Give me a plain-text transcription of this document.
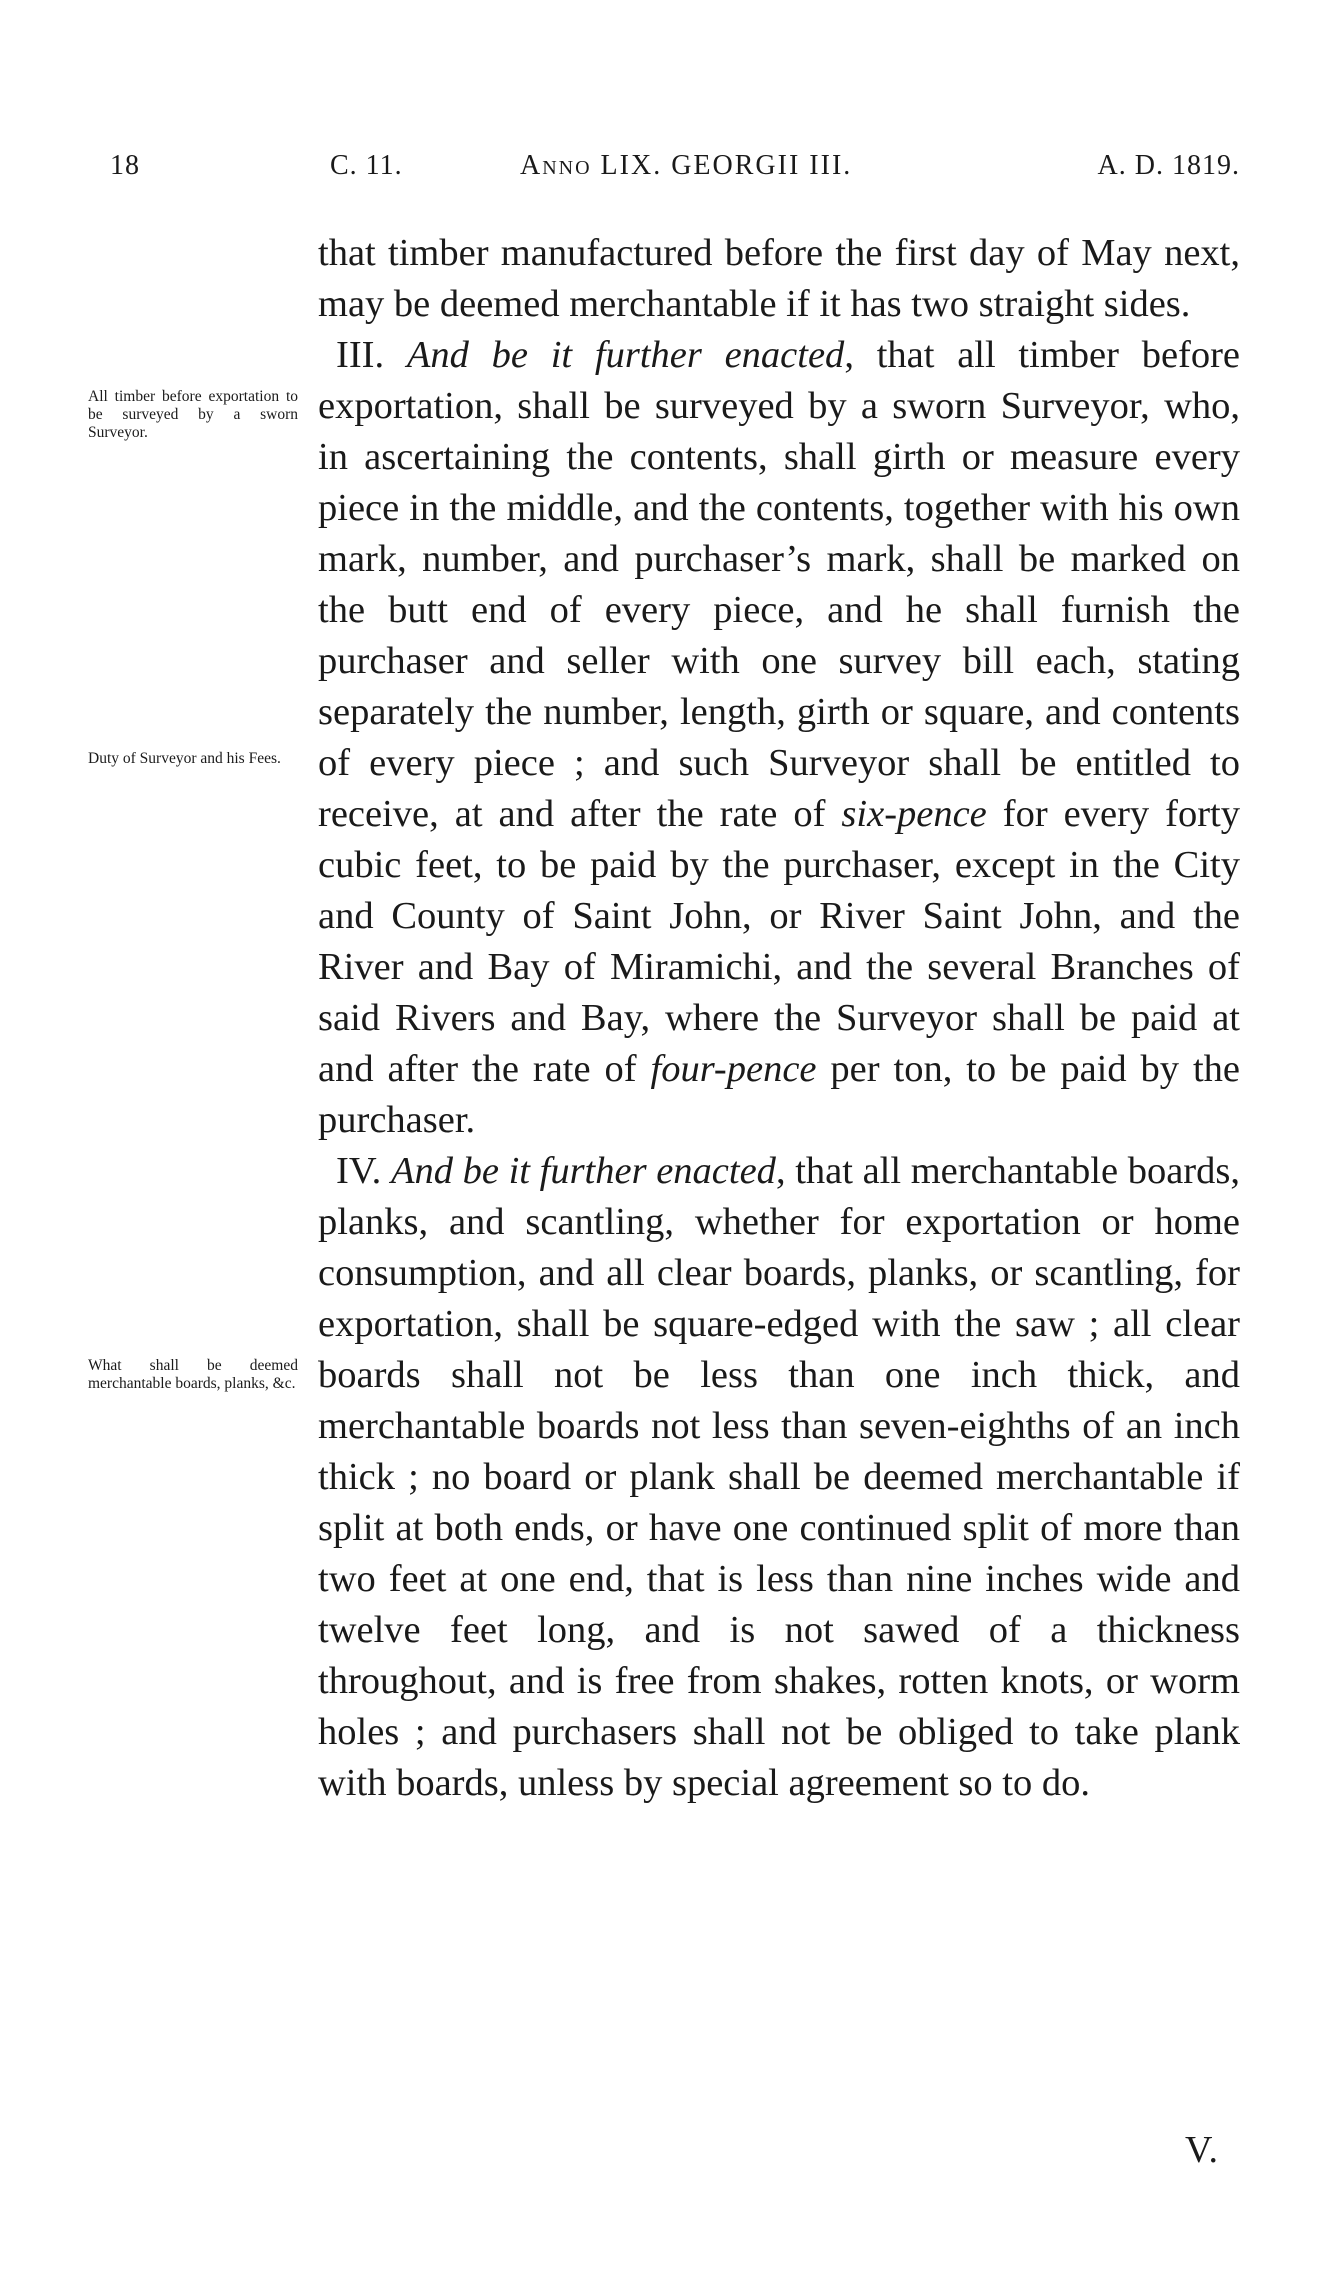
18	C. 11.	Anno LIX. GEORGII III.	A. D. 1819.
All timber before exportation to be surveyed by a sworn Surveyor.
Duty of Surveyor and his Fees.
What shall be deemed merchantable boards, planks, &c.

that timber manufactured before the first day of May next, may be deemed merchantable if it has two straight sides.

III. And be it further enacted, that all timber before exportation, shall be surveyed by a sworn Surveyor, who, in ascertaining the contents, shall girth or measure every piece in the middle, and the contents, together with his own mark, number, and purchaser’s mark, shall be marked on the butt end of every piece, and he shall furnish the purchaser and seller with one survey bill each, stating separately the number, length, girth or square, and contents of every piece ; and such Surveyor shall be entitled to receive, at and after the rate of six-pence for every forty cubic feet, to be paid by the purchaser, except in the City and County of Saint John, or River Saint John, and the River and Bay of Miramichi, and the several Branches of said Rivers and Bay, where the Surveyor shall be paid at and after the rate of four-pence per ton, to be paid by the purchaser.

IV. And be it further enacted, that all merchantable boards, planks, and scantling, whether for exportation or home consumption, and all clear boards, planks, or scantling, for exportation, shall be square-edged with the saw ; all clear boards shall not be less than one inch thick, and merchantable boards not less than seven-eighths of an inch thick ; no board or plank shall be deemed merchantable if split at both ends, or have one continued split of more than two feet at one end, that is less than nine inches wide and twelve feet long, and is not sawed of a thickness throughout, and is free from shakes, rotten knots, or worm holes ; and purchasers shall not be obliged to take plank with boards, unless by special agreement so to do.

V.
